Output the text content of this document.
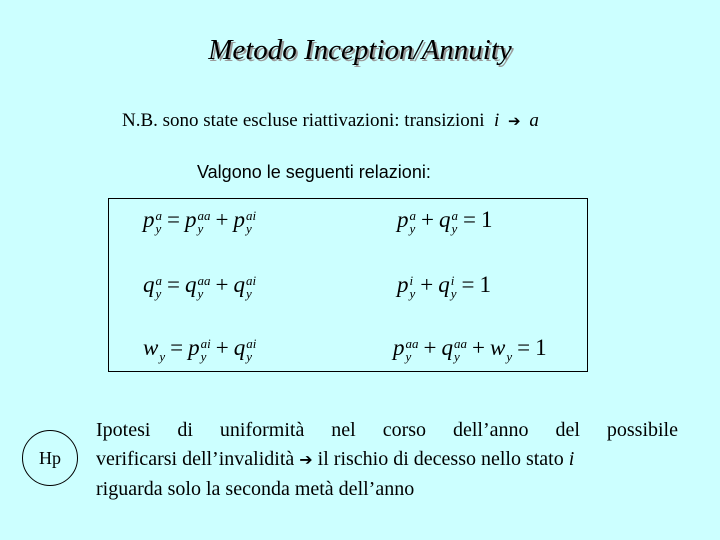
Metodo Inception/Annuity
N.B. sono state escluse riattivazioni: transizioni i ➔ a
Valgono le seguenti relazioni:
p a
y = p aa
y + p ai
y
q a
y = q aa
y + q ai
y
w
y = p ai
y + q ai
y
p a
y + q a
y = 1
p i
y + q i
y = 1
p aa
y + q aa
y + w
y = 1
Hp
Ipotesi di uniformità nel corso dell’anno del possibile
verificarsi dell’invalidità ➔ il rischio di decesso nello stato i
riguarda solo la seconda metà dell’anno
